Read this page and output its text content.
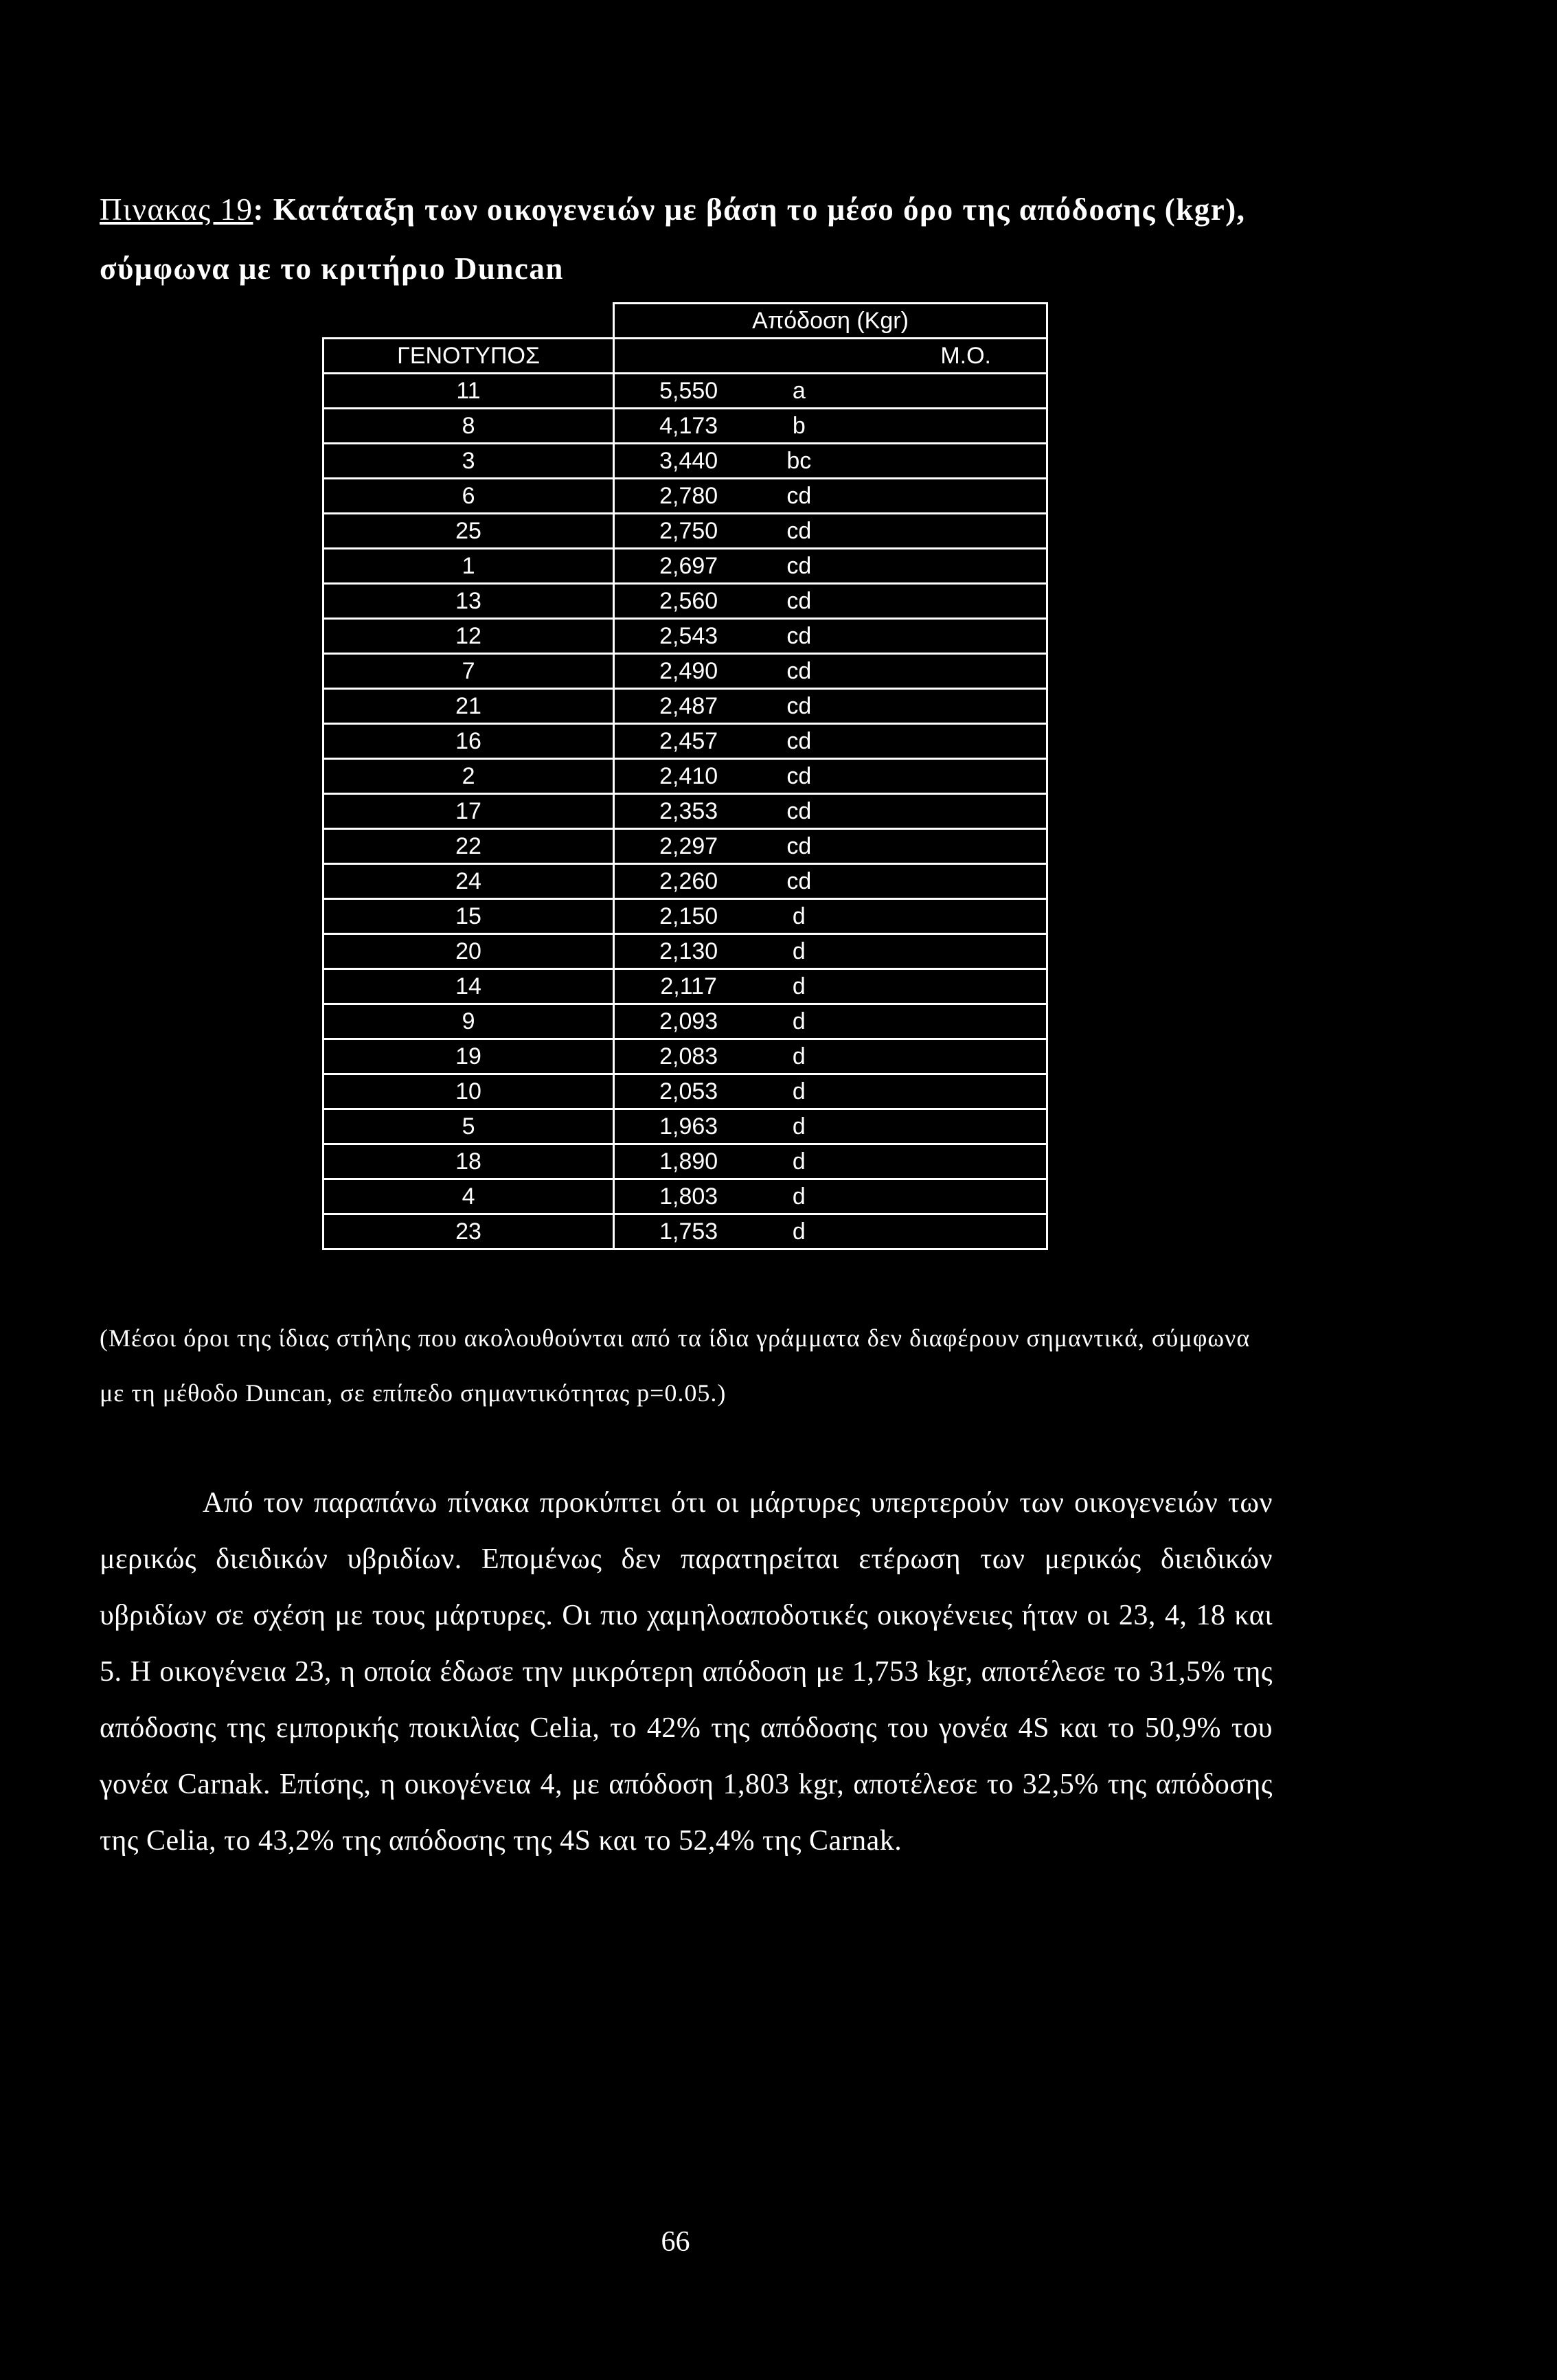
Πινακας 19: Κατάταξη των οικογενειών με βάση το μέσο όρο της απόδοσης (kgr), σύμφωνα με το κριτήριο Duncan
	Απόδοση (Kgr)	
ΓΕΝΟΤΥΠΟΣ	Μ.Ο.	
11	5,550	a
8	4,173	b
3	3,440	bc
6	2,780	cd
25	2,750	cd
1	2,697	cd
13	2,560	cd
12	2,543	cd
7	2,490	cd
21	2,487	cd
16	2,457	cd
2	2,410	cd
17	2,353	cd
22	2,297	cd
24	2,260	cd
15	2,150	d
20	2,130	d
14	2,117	d
9	2,093	d
19	2,083	d
10	2,053	d
5	1,963	d
18	1,890	d
4	1,803	d
23	1,753	d
(Μέσοι όροι της ίδιας στήλης που ακολουθούνται από τα ίδια γράμματα δεν διαφέρουν σημαντικά, σύμφωνα με τη μέθοδο Duncan, σε επίπεδο σημαντικότητας p=0.05.)
Από τον παραπάνω πίνακα προκύπτει ότι οι μάρτυρες υπερτερούν των οικογενειών των μερικώς διειδικών υβριδίων. Επομένως δεν παρατηρείται ετέρωση των μερικώς διειδικών υβριδίων σε σχέση με τους μάρτυρες. Οι πιο χαμηλοαποδοτικές οικογένειες ήταν οι 23, 4, 18 και 5. Η οικογένεια 23, η οποία έδωσε την μικρότερη απόδοση με 1,753 kgr, αποτέλεσε το 31,5% της απόδοσης της εμπορικής ποικιλίας Celia, το 42% της απόδοσης του γονέα 4S και το 50,9% του γονέα Carnak. Επίσης, η οικογένεια 4, με απόδοση 1,803 kgr, αποτέλεσε το 32,5% της απόδοσης της Celia, το 43,2% της απόδοσης της 4S και το 52,4% της Carnak.
66
